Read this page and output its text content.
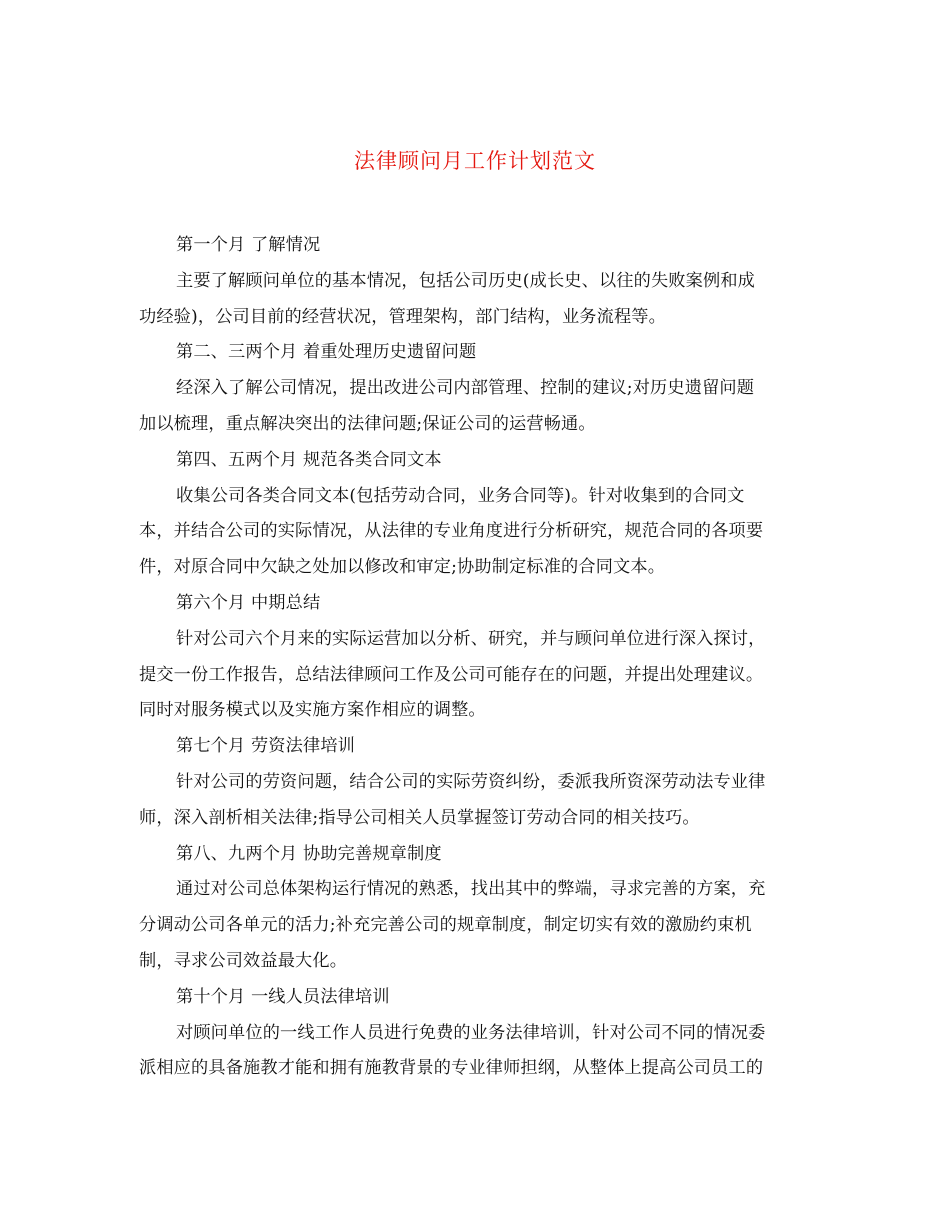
法律顾问月工作计划范文
第一个月 了解情况
主要了解顾问单位的基本情况，包括公司历史(成长史、以往的失败案例和成
功经验)，公司目前的经营状况，管理架构，部门结构，业务流程等。
第二、三两个月 着重处理历史遗留问题
经深入了解公司情况，提出改进公司内部管理、控制的建议;对历史遗留问题
加以梳理，重点解决突出的法律问题;保证公司的运营畅通。
第四、五两个月 规范各类合同文本
收集公司各类合同文本(包括劳动合同，业务合同等)。针对收集到的合同文
本，并结合公司的实际情况，从法律的专业角度进行分析研究，规范合同的各项要
件，对原合同中欠缺之处加以修改和审定;协助制定标准的合同文本。
第六个月 中期总结
针对公司六个月来的实际运营加以分析、研究，并与顾问单位进行深入探讨，
提交一份工作报告，总结法律顾问工作及公司可能存在的问题，并提出处理建议。
同时对服务模式以及实施方案作相应的调整。
第七个月 劳资法律培训
针对公司的劳资问题，结合公司的实际劳资纠纷，委派我所资深劳动法专业律
师，深入剖析相关法律;指导公司相关人员掌握签订劳动合同的相关技巧。
第八、九两个月 协助完善规章制度
通过对公司总体架构运行情况的熟悉，找出其中的弊端，寻求完善的方案，充
分调动公司各单元的活力;补充完善公司的规章制度，制定切实有效的激励约束机
制，寻求公司效益最大化。
第十个月 一线人员法律培训
对顾问单位的一线工作人员进行免费的业务法律培训，针对公司不同的情况委
派相应的具备施教才能和拥有施教背景的专业律师担纲，从整体上提高公司员工的
